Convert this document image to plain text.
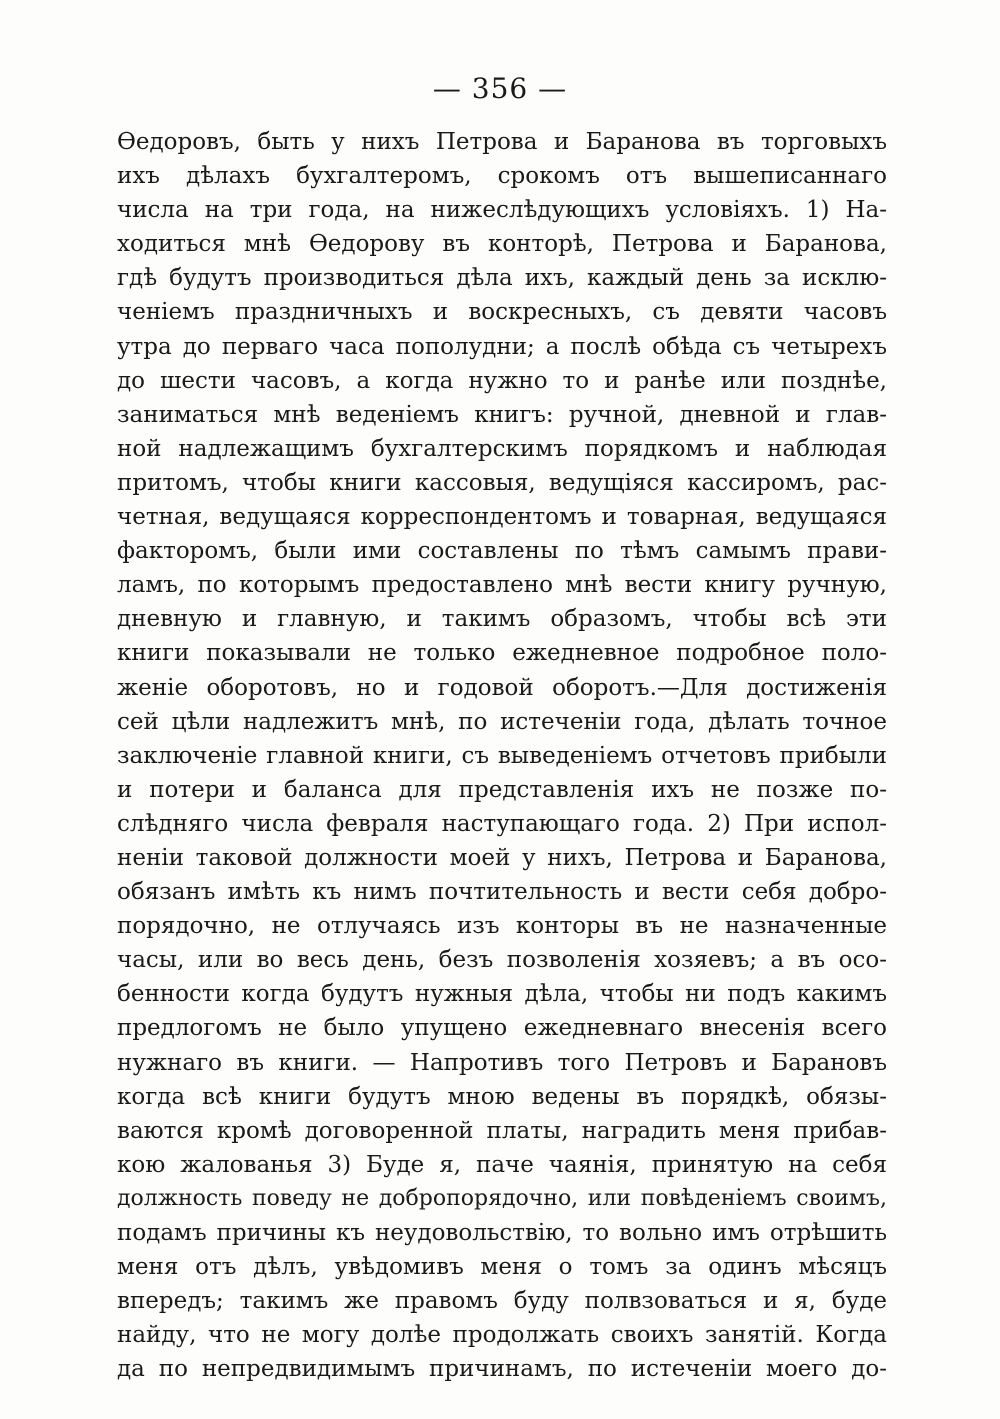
— 356 —
Өедоровъ, быть у нихъ Петрова и Баранова въ торговыхъ
ихъ дѣлахъ бухгалтеромъ, срокомъ отъ вышеписаннаго
числа на три года, на нижеслѣдующихъ условіяхъ. 1) На-
ходиться мнѣ Өедорову въ конторѣ, Петрова и Баранова,
гдѣ будутъ производиться дѣла ихъ, каждый день за исклю-
ченіемъ праздничныхъ и воскресныхъ, съ девяти часовъ
утра до перваго часа пополудни; а послѣ обѣда съ четырехъ
до шести часовъ, а когда нужно то и ранѣе или позднѣе,
заниматься мнѣ веденіемъ книгъ: ручной, дневной и глав-
ной надлежащимъ бухгалтерскимъ порядкомъ и наблюдая
притомъ, чтобы книги кассовыя, ведущіяся кассиромъ, рас-
четная, ведущаяся корреспондентомъ и товарная, ведущаяся
факторомъ, были ими составлены по тѣмъ самымъ прави-
ламъ, по которымъ предоставлено мнѣ вести книгу ручную,
дневную и главную, и такимъ образомъ, чтобы всѣ эти
книги показывали не только ежедневное подробное поло-
женіе оборотовъ, но и годовой оборотъ.—Для достиженія
сей цѣли надлежитъ мнѣ, по истеченіи года, дѣлать точное
заключеніе главной книги, съ выведеніемъ отчетовъ прибыли
и потери и баланса для представленія ихъ не позже по-
слѣдняго числа февраля наступающаго года. 2) При испол-
неніи таковой должности моей у нихъ, Петрова и Баранова,
обязанъ имѣть къ нимъ почтительность и вести себя добро-
порядочно, не отлучаясь изъ конторы въ не назначенные
часы, или во весь день, безъ позволенія хозяевъ; а въ осо-
бенности когда будутъ нужныя дѣла, чтобы ни подъ какимъ
предлогомъ не было упущено ежедневнаго внесенія всего
нужнаго въ книги. — Напротивъ того Петровъ и Барановъ
когда всѣ книги будутъ мною ведены въ порядкѣ, обязы-
ваются кромѣ договоренной платы, наградить меня прибав-
кою жалованья 3) Буде я, паче чаянія, принятую на себя
должность поведу не добропорядочно, или повѣденіемъ своимъ,
подамъ причины къ неудовольствію, то вольно имъ отрѣшить
меня отъ дѣлъ, увѣдомивъ меня о томъ за одинъ мѣсяцъ
впередъ; такимъ же правомъ буду полвзоваться и я, буде
найду, что не могу долѣе продолжать своихъ занятій. Когда
да по непредвидимымъ причинамъ, по истеченіи моего до-
